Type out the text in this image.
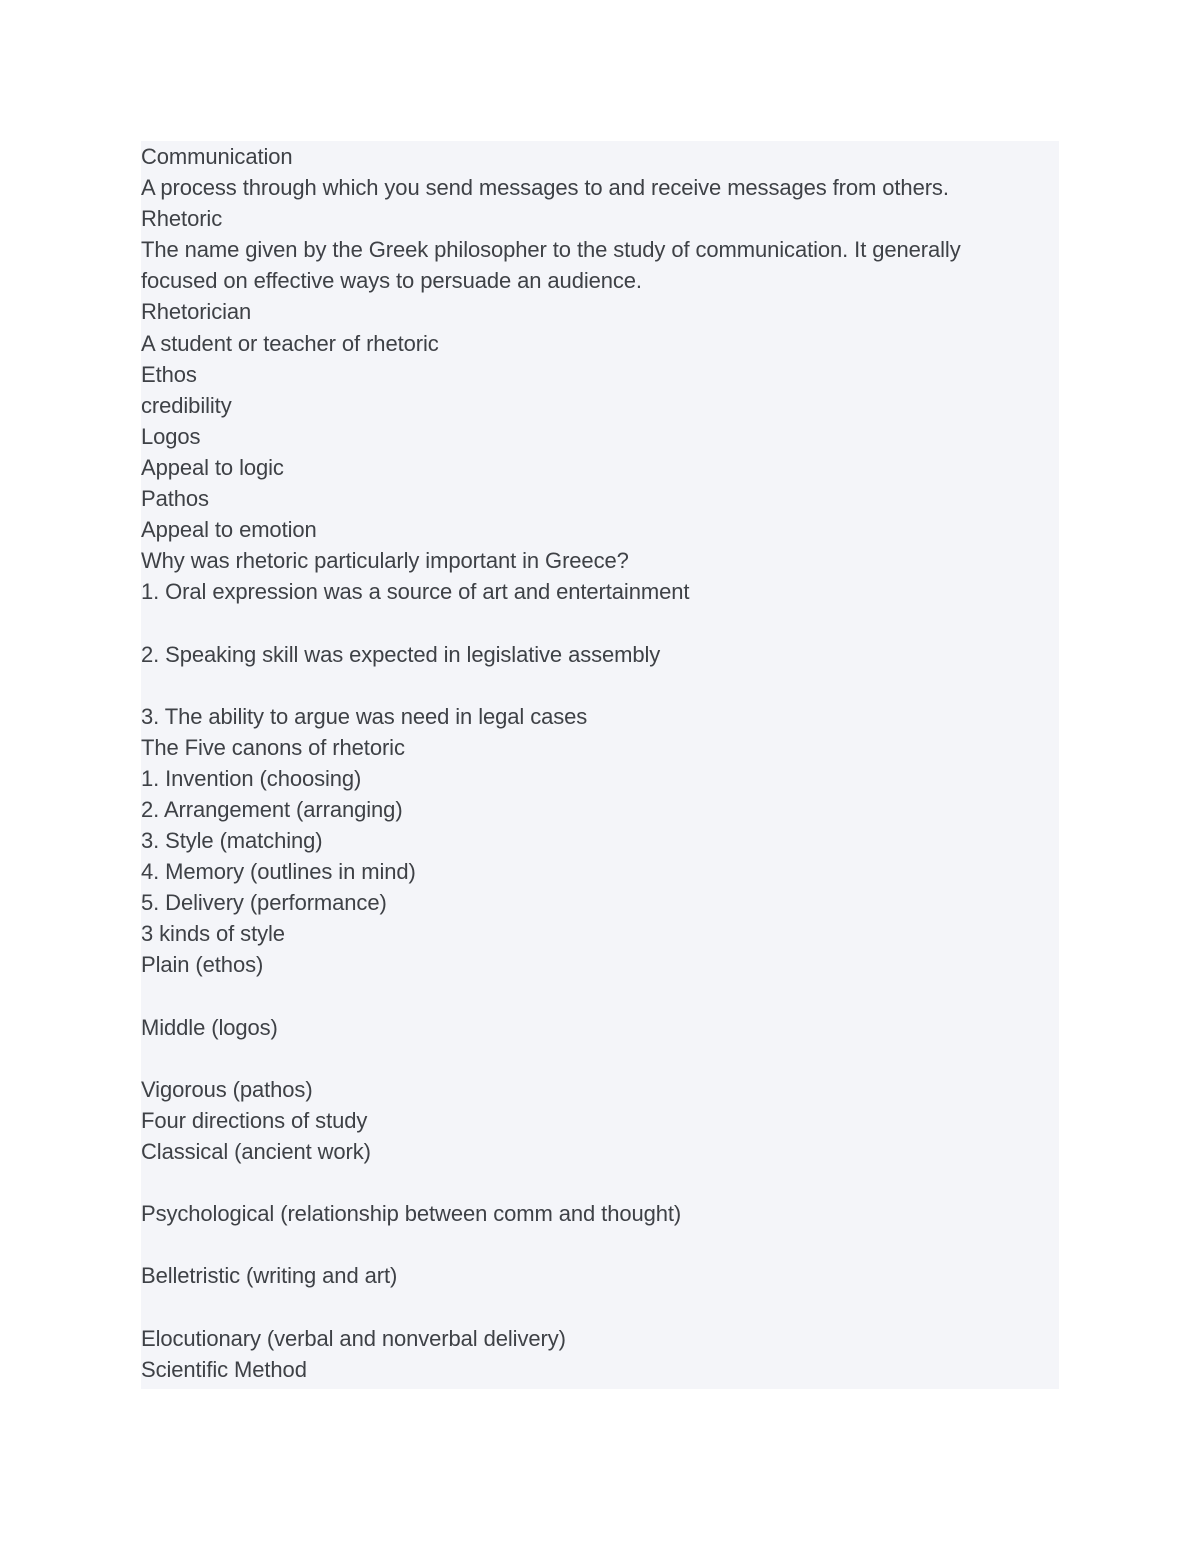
Communication
A process through which you send messages to and receive messages from others.
Rhetoric
The name given by the Greek philosopher to the study of communication. It generally
focused on effective ways to persuade an audience.
Rhetorician
A student or teacher of rhetoric
Ethos
credibility
Logos
Appeal to logic
Pathos
Appeal to emotion
Why was rhetoric particularly important in Greece?
1. Oral expression was a source of art and entertainment
2. Speaking skill was expected in legislative assembly
3. The ability to argue was need in legal cases
The Five canons of rhetoric
1. Invention (choosing)
2. Arrangement (arranging)
3. Style (matching)
4. Memory (outlines in mind)
5. Delivery (performance)
3 kinds of style
Plain (ethos)
Middle (logos)
Vigorous (pathos)
Four directions of study
Classical (ancient work)
Psychological (relationship between comm and thought)
Belletristic (writing and art)
Elocutionary (verbal and nonverbal delivery)
Scientific Method
